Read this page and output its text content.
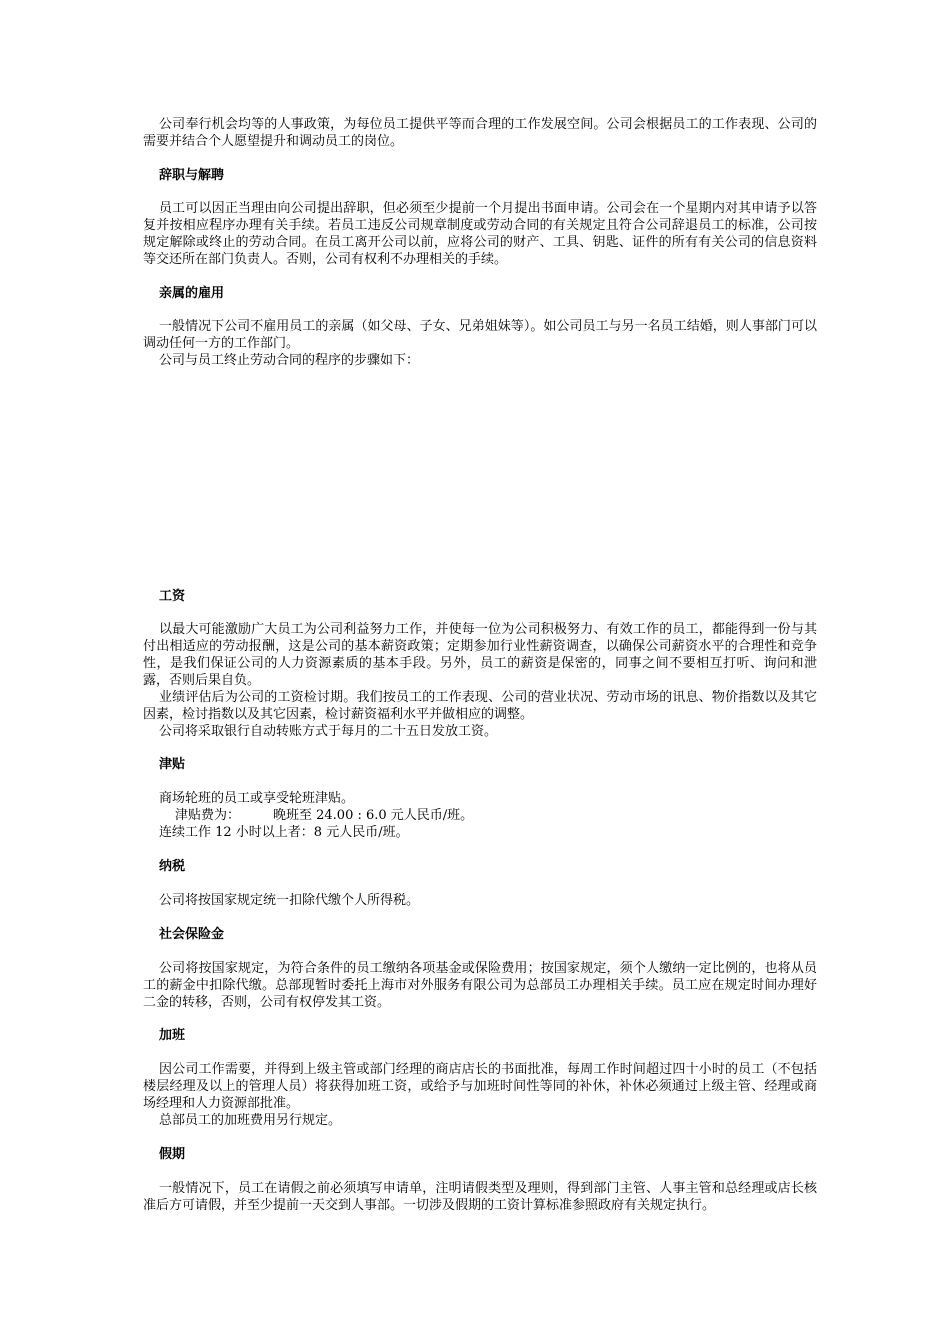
公司奉行机会均等的人事政策，为每位员工提供平等而合理的工作发展空间。公司会根据员工的工作表现、公司的需要并结合个人愿望提升和调动员工的岗位。

辞职与解聘

员工可以因正当理由向公司提出辞职，但必须至少提前一个月提出书面申请。公司会在一个星期内对其申请予以答复并按相应程序办理有关手续。若员工违反公司规章制度或劳动合同的有关规定且符合公司辞退员工的标准，公司按规定解除或终止的劳动合同。在员工离开公司以前，应将公司的财产、工具、钥匙、证件的所有有关公司的信息资料等交还所在部门负责人。否则，公司有权利不办理相关的手续。

亲属的雇用

一般情况下公司不雇用员工的亲属（如父母、子女、兄弟姐妹等）。如公司员工与另一名员工结婚，则人事部门可以调动任何一方的工作部门。

公司与员工终止劳动合同的程序的步骤如下：

工资

以最大可能激励广大员工为公司利益努力工作，并使每一位为公司积极努力、有效工作的员工，都能得到一份与其付出相适应的劳动报酬，这是公司的基本薪资政策；定期参加行业性薪资调查，以确保公司薪资水平的合理性和竞争性，是我们保证公司的人力资源素质的基本手段。另外，员工的薪资是保密的，同事之间不要相互打听、询问和泄露，否则后果自负。

业绩评估后为公司的工资检讨期。我们按员工的工作表现、公司的营业状况、劳动市场的讯息、物价指数以及其它因素，检讨指数以及其它因素，检讨薪资福利水平并做相应的调整。

公司将采取银行自动转账方式于每月的二十五日发放工资。

津贴

商场轮班的员工或享受轮班津贴。

津贴费为：	晚班至 24.00 : 6.0 元人民币/班。

连续工作 12 小时以上者：8 元人民币/班。

纳税

公司将按国家规定统一扣除代缴个人所得税。

社会保险金

公司将按国家规定，为符合条件的员工缴纳各项基金或保险费用；按国家规定，须个人缴纳一定比例的，也将从员工的薪金中扣除代缴。总部现暂时委托上海市对外服务有限公司为总部员工办理相关手续。员工应在规定时间办理好二金的转移，否则，公司有权停发其工资。

加班

因公司工作需要，并得到上级主管或部门经理的商店店长的书面批准，每周工作时间超过四十小时的员工（不包括楼层经理及以上的管理人员）将获得加班工资，或给予与加班时间性等同的补休，补休必须通过上级主管、经理或商场经理和人力资源部批准。

总部员工的加班费用另行规定。

假期

一般情况下，员工在请假之前必须填写申请单，注明请假类型及理则，得到部门主管、人事主管和总经理或店长核准后方可请假，并至少提前一天交到人事部。一切涉及假期的工资计算标准参照政府有关规定执行。
